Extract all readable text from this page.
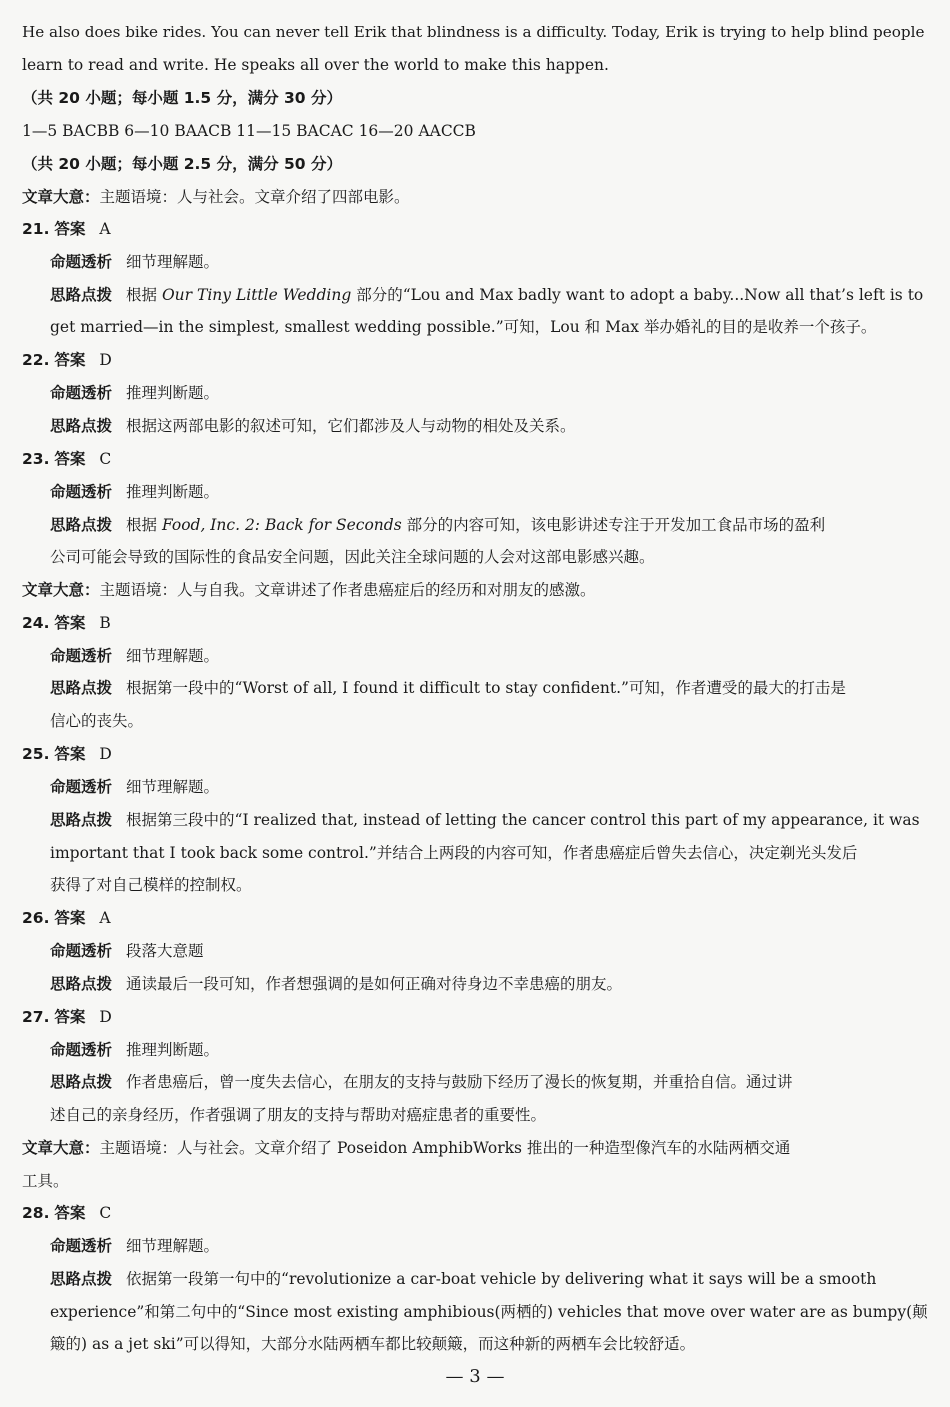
He also does bike rides. You can never tell Erik that blindness is a difficulty. Today, Erik is trying to help blind people
learn to read and write. He speaks all over the world to make this happen.
（共 20 小题；每小题 1.5 分，满分 30 分）
1—5 BACBB 6—10 BAACB 11—15 BACAC 16—20 AACCB
（共 20 小题；每小题 2.5 分，满分 50 分）
文章大意：主题语境：人与社会。文章介绍了四部电影。
21. 答案 A
命题透析 细节理解题。
思路点拨 根据 Our Tiny Little Wedding 部分的“Lou and Max badly want to adopt a baby...Now all that’s left is to
get married—in the simplest, smallest wedding possible.”可知，Lou 和 Max 举办婚礼的目的是收养一个孩子。
22. 答案 D
命题透析 推理判断题。
思路点拨 根据这两部电影的叙述可知，它们都涉及人与动物的相处及关系。
23. 答案 C
命题透析 推理判断题。
思路点拨 根据 Food, Inc. 2: Back for Seconds 部分的内容可知，该电影讲述专注于开发加工食品市场的盈利
公司可能会导致的国际性的食品安全问题，因此关注全球问题的人会对这部电影感兴趣。
文章大意：主题语境：人与自我。文章讲述了作者患癌症后的经历和对朋友的感激。
24. 答案 B
命题透析 细节理解题。
思路点拨 根据第一段中的“Worst of all, I found it difficult to stay confident.”可知，作者遭受的最大的打击是
信心的丧失。
25. 答案 D
命题透析 细节理解题。
思路点拨 根据第三段中的“I realized that, instead of letting the cancer control this part of my appearance, it was
important that I took back some control.”并结合上两段的内容可知，作者患癌症后曾失去信心，决定剃光头发后
获得了对自己模样的控制权。
26. 答案 A
命题透析 段落大意题
思路点拨 通读最后一段可知，作者想强调的是如何正确对待身边不幸患癌的朋友。
27. 答案 D
命题透析 推理判断题。
思路点拨 作者患癌后，曾一度失去信心，在朋友的支持与鼓励下经历了漫长的恢复期，并重拾自信。通过讲
述自己的亲身经历，作者强调了朋友的支持与帮助对癌症患者的重要性。
文章大意：主题语境：人与社会。文章介绍了 Poseidon AmphibWorks 推出的一种造型像汽车的水陆两栖交通
工具。
28. 答案 C
命题透析 细节理解题。
思路点拨 依据第一段第一句中的“revolutionize a car-boat vehicle by delivering what it says will be a smooth
experience”和第二句中的“Since most existing amphibious(两栖的) vehicles that move over water are as bumpy(颠
簸的) as a jet ski”可以得知，大部分水陆两栖车都比较颠簸，而这种新的两栖车会比较舒适。
— 3 —
